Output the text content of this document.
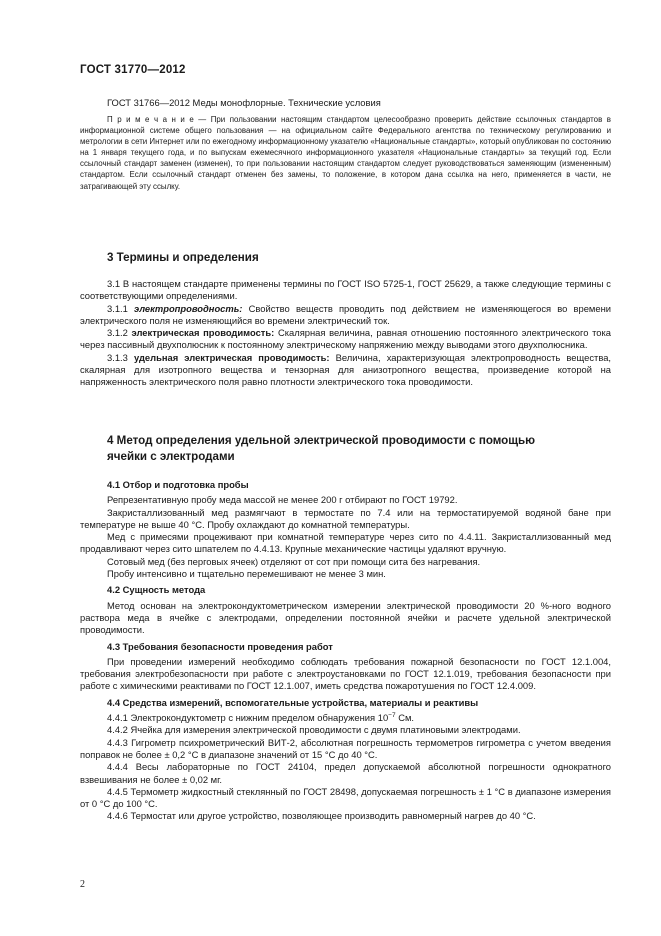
ГОСТ 31770—2012

ГОСТ 31766—2012 Меды монофлорные. Технические условия

П р и м е ч а н и е — При пользовании настоящим стандартом целесообразно проверить действие ссылочных стандартов в информационной системе общего пользования — на официальном сайте Федерального агентства по техническому регулированию и метрологии в сети Интернет или по ежегодному информационному указателю «Национальные стандарты», который опубликован по состоянию на 1 января текущего года, и по выпускам ежемесячного информационного указателя «Национальные стандарты» за текущий год. Если ссылочный стандарт заменен (изменен), то при пользовании настоящим стандартом следует руководствоваться заменяющим (измененным) стандартом. Если ссылочный стандарт отменен без замены, то положение, в котором дана ссылка на него, применяется в части, не затрагивающей эту ссылку.

3 Термины и определения

3.1 В настоящем стандарте применены термины по ГОСТ ISO 5725-1, ГОСТ 25629, а также следующие термины с соответствующими определениями.

3.1.1 электропроводность: Свойство веществ проводить под действием не изменяющегося во времени электрического поля не изменяющийся во времени электрический ток.

3.1.2 электрическая проводимость: Скалярная величина, равная отношению постоянного электрического тока через пассивный двухполюсник к постоянному электрическому напряжению между выводами этого двухполюсника.

3.1.3 удельная электрическая проводимость: Величина, характеризующая электропроводность вещества, скалярная для изотропного вещества и тензорная для анизотропного вещества, произведение которой на напряженность электрического поля равно плотности электрического тока проводимости.

4 Метод определения удельной электрической проводимости с помощью ячейки с электродами

4.1 Отбор и подготовка пробы

Репрезентативную пробу меда массой не менее 200 г отбирают по ГОСТ 19792.

Закристаллизованный мед размягчают в термостате по 7.4 или на термостатируемой водяной бане при температуре не выше 40 °С. Пробу охлаждают до комнатной температуры.

Мед с примесями процеживают при комнатной температуре через сито по 4.4.11. Закристаллизованный мед продавливают через сито шпателем по 4.4.13. Крупные механические частицы удаляют вручную.

Сотовый мед (без перговых ячеек) отделяют от сот при помощи сита без нагревания.

Пробу интенсивно и тщательно перемешивают не менее 3 мин.

4.2 Сущность метода

Метод основан на электрокондуктометрическом измерении электрической проводимости 20 %-ного водного раствора меда в ячейке с электродами, определении постоянной ячейки и расчете удельной электрической проводимости.

4.3 Требования безопасности проведения работ

При проведении измерений необходимо соблюдать требования пожарной безопасности по ГОСТ 12.1.004, требования электробезопасности при работе с электроустановками по ГОСТ 12.1.019, требования безопасности при работе с химическими реактивами по ГОСТ 12.1.007, иметь средства пожаротушения по ГОСТ 12.4.009.

4.4 Средства измерений, вспомогательные устройства, материалы и реактивы

4.4.1 Электрокондуктометр с нижним пределом обнаружения $10^{-7}$ См.

4.4.2 Ячейка для измерения электрической проводимости с двумя платиновыми электродами.

4.4.3 Гигрометр психрометрический ВИТ-2, абсолютная погрешность термометров гигрометра с учетом введения поправок не более ± 0,2 °С в диапазоне значений от 15 °С до 40 °С.

4.4.4 Весы лабораторные по ГОСТ 24104, предел допускаемой абсолютной погрешности однократного взвешивания не более ± 0,02 мг.

4.4.5 Термометр жидкостный стеклянный по ГОСТ 28498, допускаемая погрешность ± 1 °С в диапазоне измерения от 0 °С до 100 °С.

4.4.6 Термостат или другое устройство, позволяющее производить равномерный нагрев до 40 °С.

2
